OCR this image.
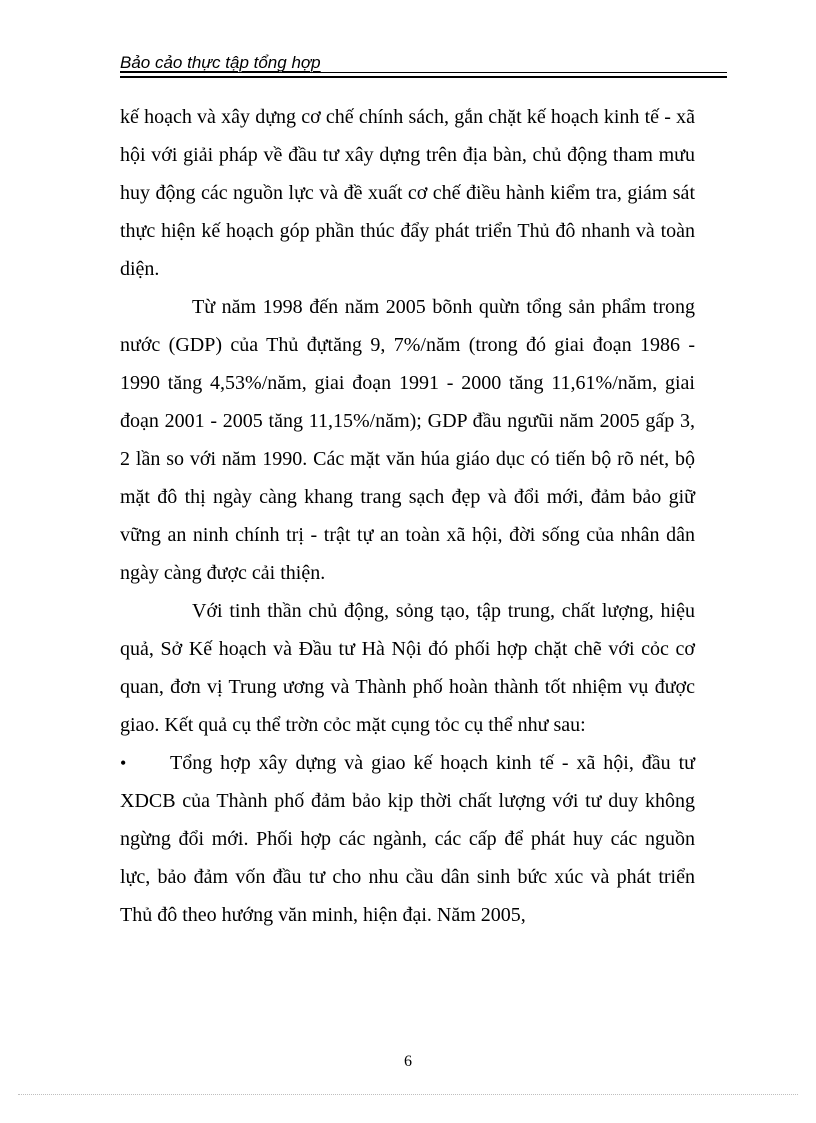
Bảo cảo thực tập tổng hợp

kế hoạch và xây dựng cơ chế chính sách, gắn chặt kế hoạch kinh tế - xã hội với giải pháp về đầu tư xây dựng trên địa bàn, chủ động tham mưu huy động các nguồn lực và đề xuất cơ chế điều hành kiểm tra, giám sát thực hiện kế hoạch góp phần thúc đẩy phát triển Thủ đô nhanh và toàn diện.

Từ năm 1998 đến năm 2005 bõnh quừn tổng sản phẩm trong nước (GDP) của Thủ đựtăng 9, 7%/năm (trong đó giai đoạn 1986 - 1990 tăng 4,53%/năm, giai đoạn 1991 - 2000 tăng 11,61%/năm, giai đoạn 2001 - 2005 tăng 11,15%/năm); GDP đầu ngưũi năm 2005 gấp 3, 2 lần so với năm 1990. Các mặt văn húa giáo dục có tiến bộ rõ nét, bộ mặt đô thị ngày càng khang trang sạch đẹp và đổi mới, đảm bảo giữ vững an ninh chính trị - trật tự an toàn xã hội, đời sống của nhân dân ngày càng được cải thiện.

Với tinh thần chủ động, sỏng tạo, tập trung, chất lượng, hiệu quả, Sở Kế hoạch và Đầu tư Hà Nội đó phối hợp chặt chẽ với cỏc cơ quan, đơn vị Trung ương và Thành phố hoàn thành tốt nhiệm vụ được giao. Kết quả cụ thể trờn cỏc mặt cụng tỏc cụ thể như sau:

• Tổng hợp xây dựng và giao kế hoạch kinh tế - xã hội, đầu tư XDCB của Thành phố đảm bảo kịp thời chất lượng với tư duy không ngừng đổi mới. Phối hợp các ngành, các cấp để phát huy các nguồn lực, bảo đảm vốn đầu tư cho nhu cầu dân sinh bức xúc và phát triển Thủ đô theo hướng văn minh, hiện đại. Năm 2005,
6
